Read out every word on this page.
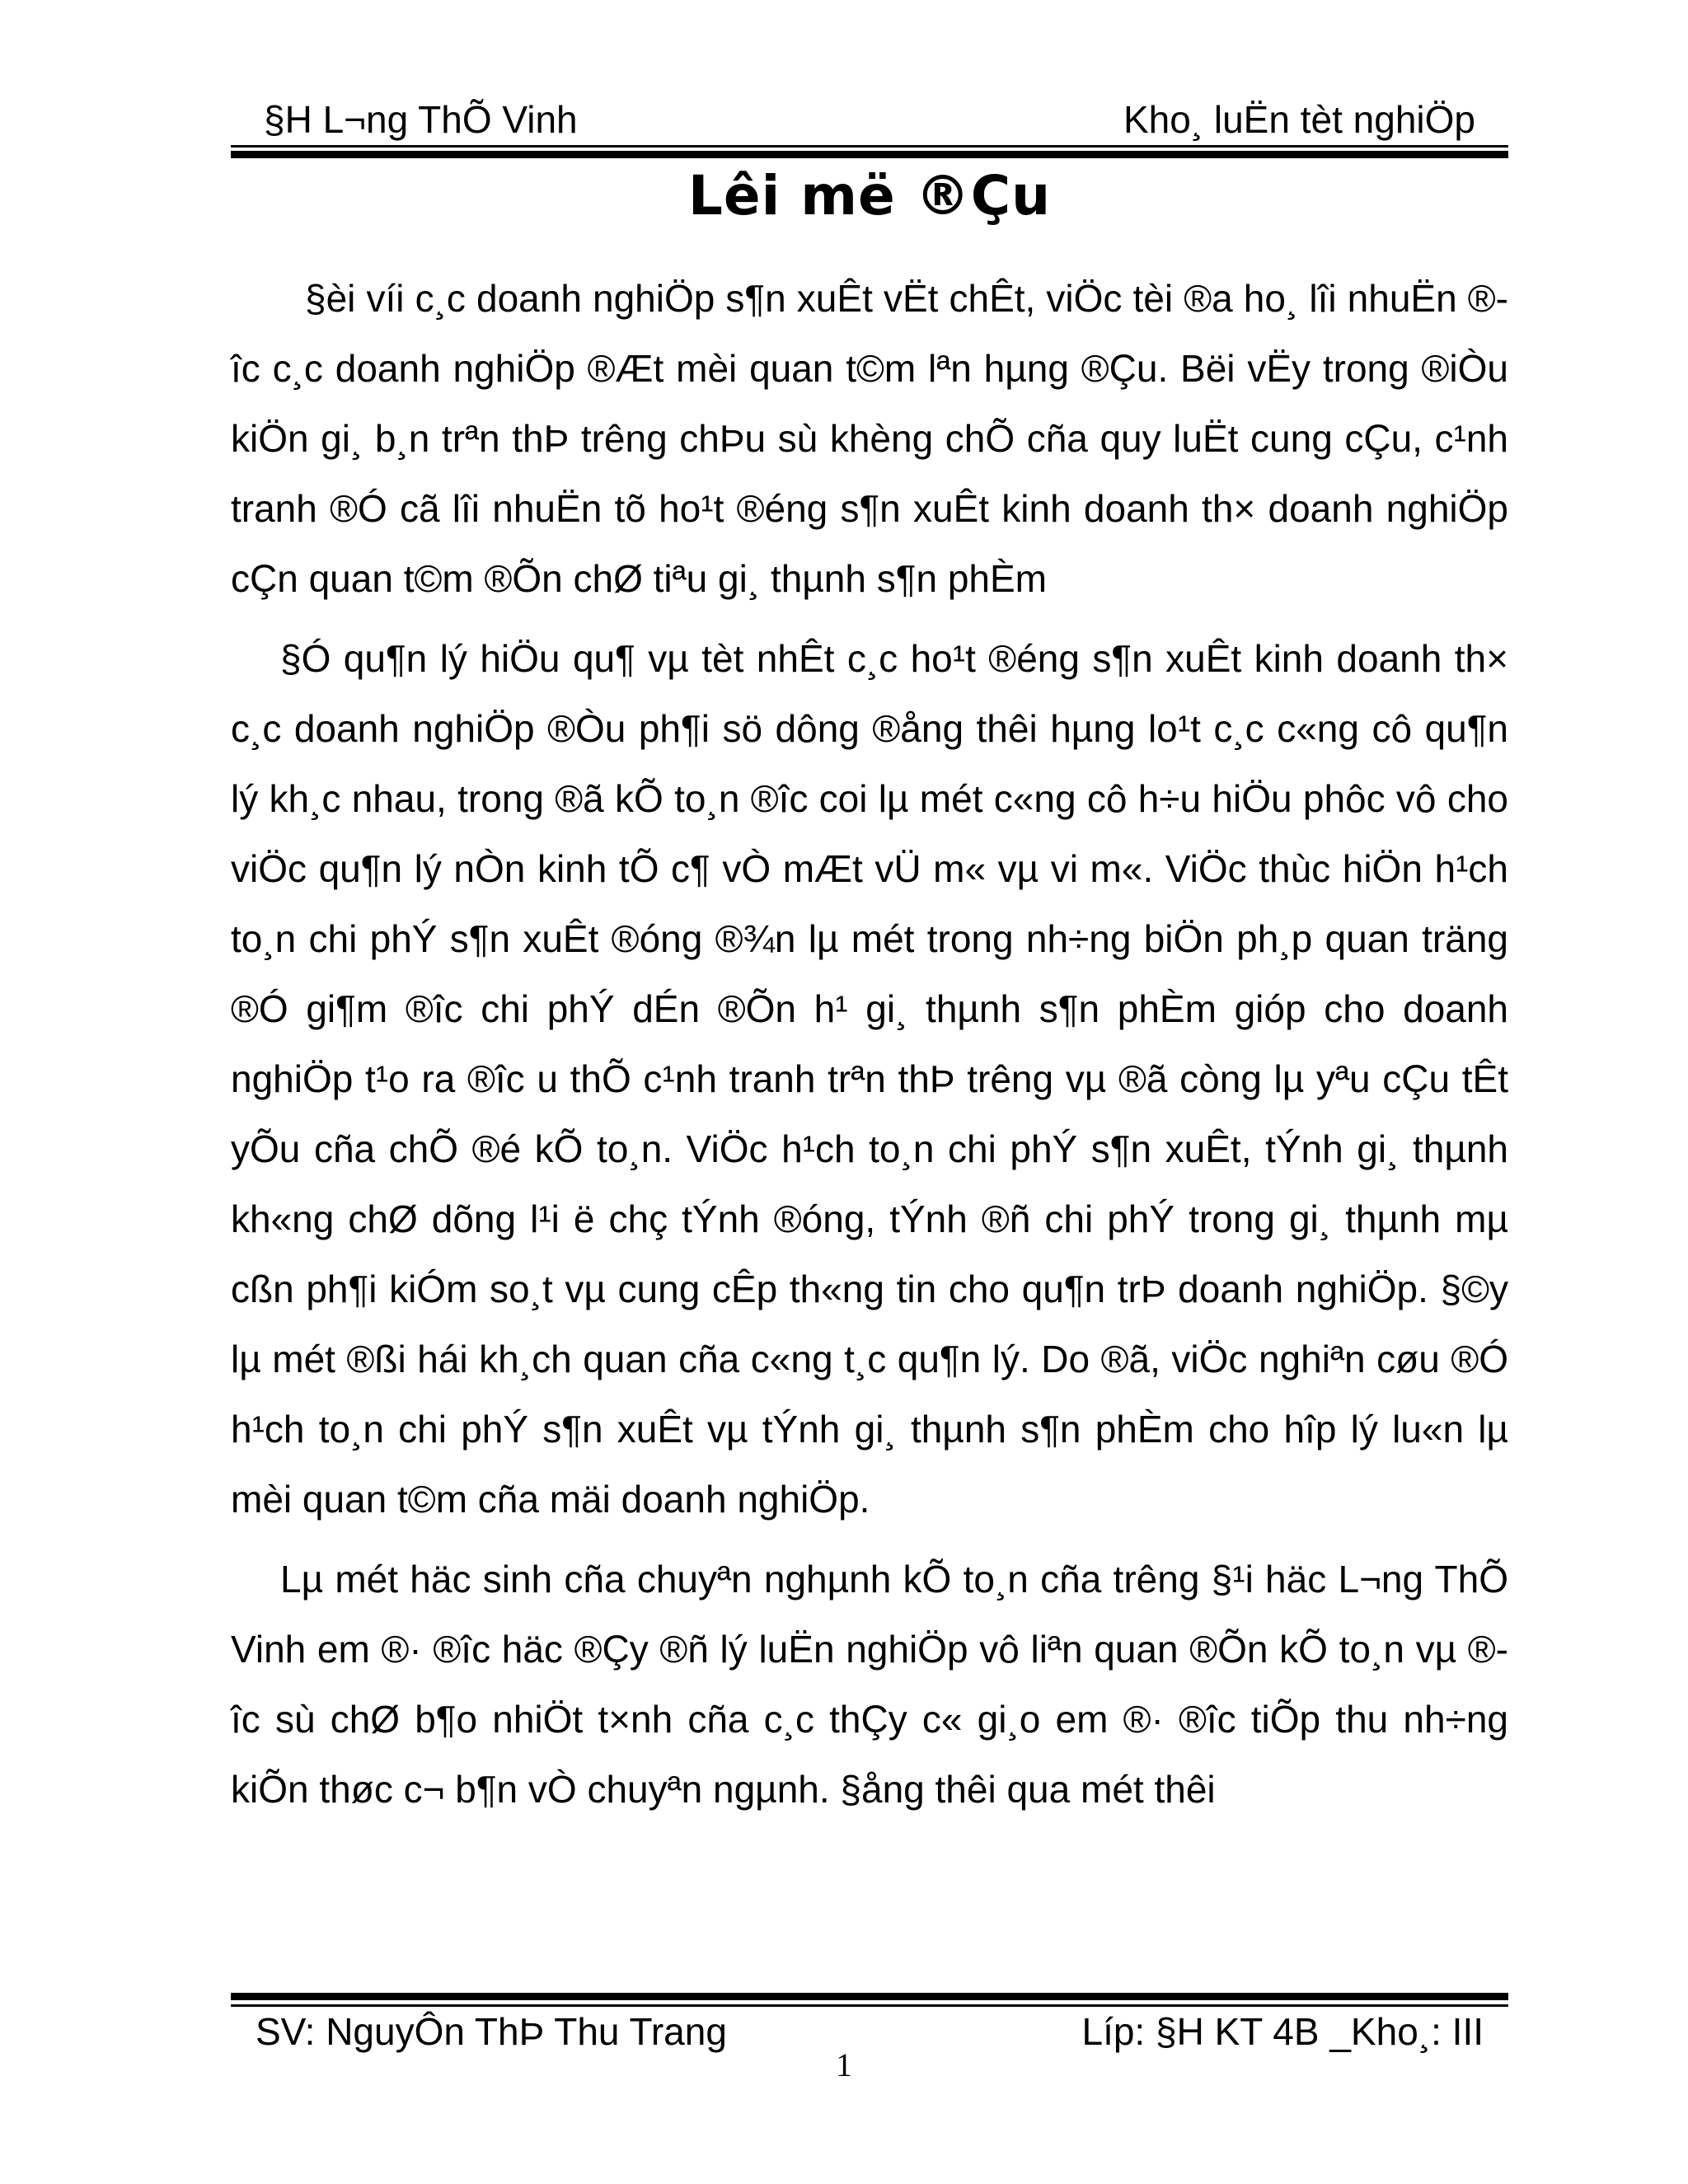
§H L¬ng ThÕ Vinh	Kho¸ luËn tèt nghiÖp
Lêi më ®Çu

§èi víi c¸c doanh nghiÖp s¶n xuÊt vËt chÊt, viÖc tèi ®a ho¸ lîi nhuËn ®îc c¸c doanh nghiÖp ®Æt mèi quan t©m lªn hµng ®Çu. Bëi vËy trong ®iÒu kiÖn gi¸ b¸n trªn thÞ trêng chÞu sù khèng chÕ cña quy luËt cung cÇu, c¹nh tranh ®Ó cã lîi nhuËn tõ ho¹t ®éng s¶n xuÊt kinh doanh th× doanh nghiÖp cÇn quan t©m ®Õn chØ tiªu gi¸ thµnh s¶n phÈm

§Ó qu¶n lý hiÖu qu¶ vµ tèt nhÊt c¸c ho¹t ®éng s¶n xuÊt kinh doanh th× c¸c doanh nghiÖp ®Òu ph¶i sö dông ®ång thêi hµng lo¹t c¸c c«ng cô qu¶n lý kh¸c nhau, trong ®ã kÕ to¸n ®îc coi lµ mét c«ng cô h÷u hiÖu phôc vô cho viÖc qu¶n lý nÒn kinh tÕ c¶ vÒ mÆt vÜ m« vµ vi m«. ViÖc thùc hiÖn h¹ch to¸n chi phÝ s¶n xuÊt ®óng ®¾n lµ mét trong nh÷ng biÖn ph¸p quan träng ®Ó gi¶m ®îc chi phÝ dÉn ®Õn h¹ gi¸ thµnh s¶n phÈm gióp cho doanh nghiÖp t¹o ra ®îc u thÕ c¹nh tranh trªn thÞ trêng vµ ®ã còng lµ yªu cÇu tÊt yÕu cña chÕ ®é kÕ to¸n. ViÖc h¹ch to¸n chi phÝ s¶n xuÊt, tÝnh gi¸ thµnh kh«ng chØ dõng l¹i ë chç tÝnh ®óng, tÝnh ®ñ chi phÝ trong gi¸ thµnh mµ cßn ph¶i kiÓm so¸t vµ cung cÊp th«ng tin cho qu¶n trÞ doanh nghiÖp. §©y lµ mét ®ßi hái kh¸ch quan cña c«ng t¸c qu¶n lý. Do ®ã, viÖc nghiªn cøu ®Ó h¹ch to¸n chi phÝ s¶n xuÊt vµ tÝnh gi¸ thµnh s¶n phÈm cho hîp lý lu«n lµ mèi quan t©m cña mäi doanh nghiÖp.

Lµ mét häc sinh cña chuyªn nghµnh kÕ to¸n cña trêng §¹i häc L¬ng ThÕ Vinh em ®· ®îc häc ®Çy ®ñ lý luËn nghiÖp vô liªn quan ®Õn kÕ to¸n vµ ®îc sù chØ b¶o nhiÖt t×nh cña c¸c thÇy c« gi¸o em ®· ®îc tiÕp thu nh÷ng kiÕn thøc c¬ b¶n vÒ chuyªn ngµnh. §ång thêi qua mét thêi

SV: NguyÔn ThÞ Thu Trang	Líp: §H KT 4B _Kho¸: III
1
